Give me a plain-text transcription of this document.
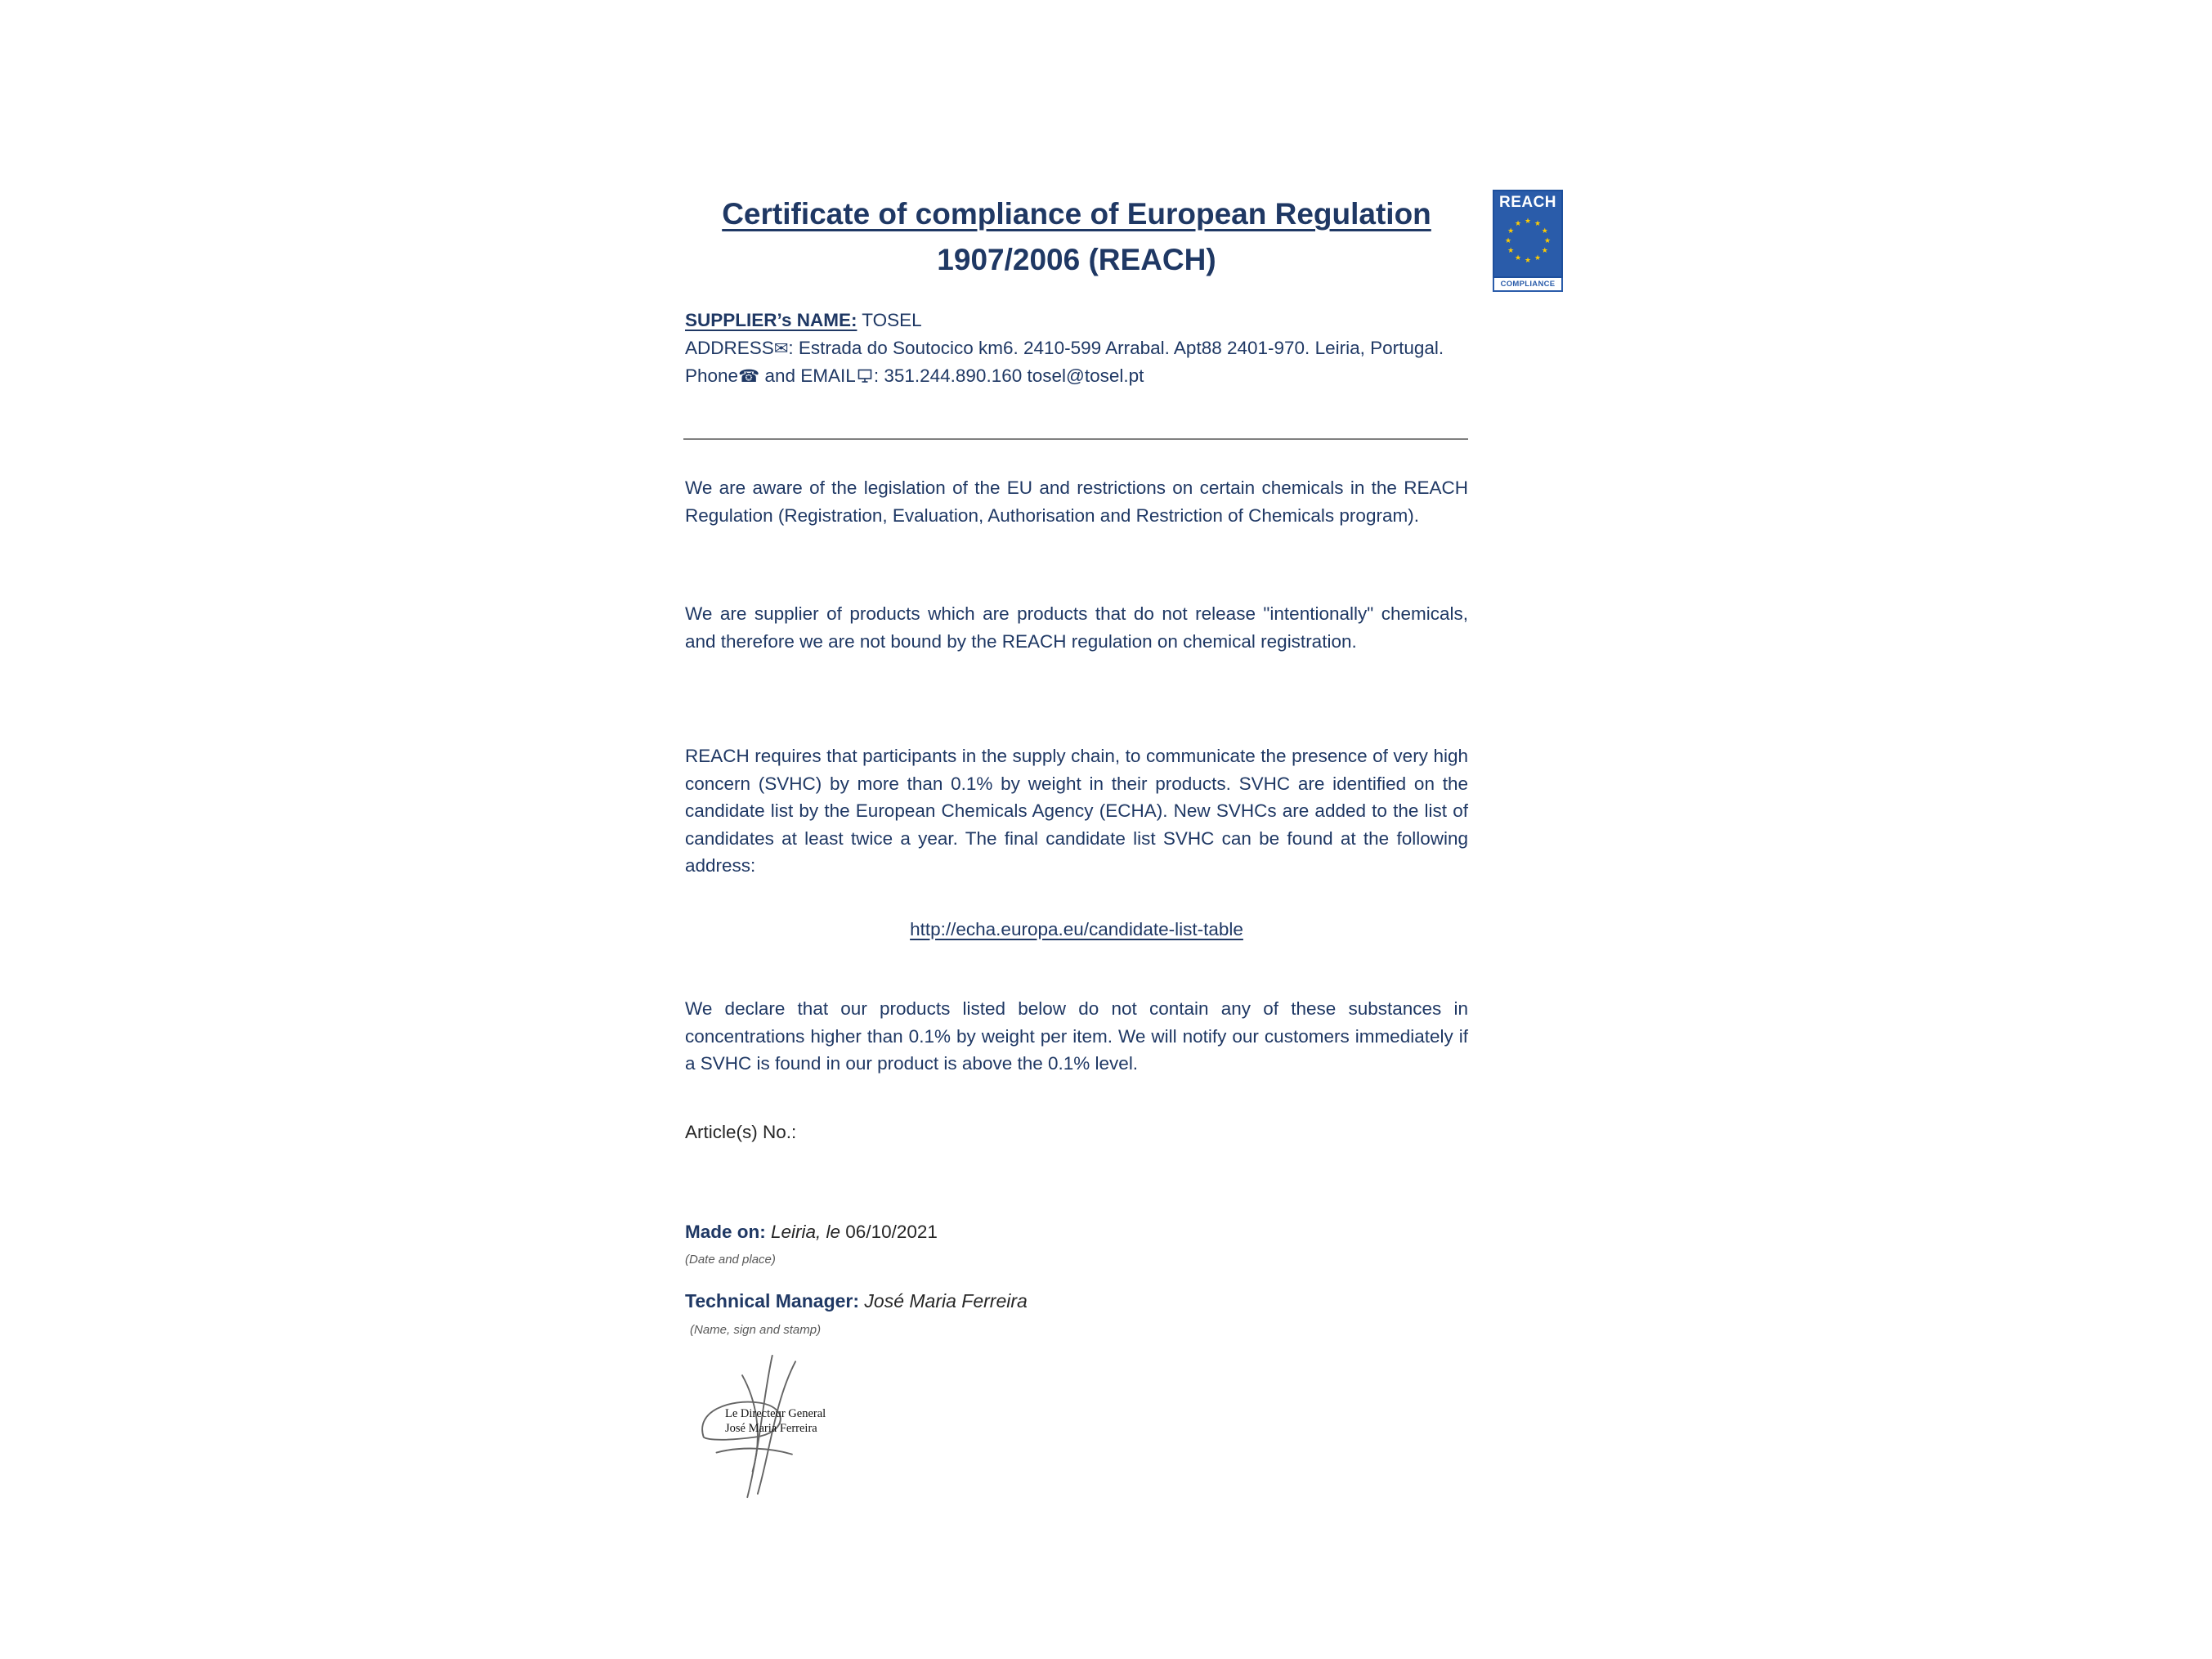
REACH
★ ★
★
★
★
★
★
★
★
★
★
★
COMPLIANCE
Certificate of compliance of European Regulation
1907/2006 (REACH)

SUPPLIER’s NAME: TOSEL

ADDRESS✉: Estrada do Soutocico km6. 2410-599 Arrabal. Apt88 2401-970. Leiria, Portugal.

Phone☎ and EMAIL : 351.244.890.160 tosel@tosel.pt

We are aware of the legislation of the EU and restrictions on certain chemicals in the REACH Regulation (Registration, Evaluation, Authorisation and Restriction of Chemicals program).

We are supplier of products which are products that do not release "intentionally" chemicals, and therefore we are not bound by the REACH regulation on chemical registration.

REACH requires that participants in the supply chain, to communicate the presence of very high concern (SVHC) by more than 0.1% by weight in their products. SVHC are identified on the candidate list by the European Chemicals Agency (ECHA). New SVHCs are added to the list of candidates at least twice a year. The final candidate list SVHC can be found at the following address:

http://echa.europa.eu/candidate-list-table

We declare that our products listed below do not contain any of these substances in concentrations higher than 0.1% by weight per item. We will notify our customers immediately if a SVHC is found in our product is above the 0.1% level.

Article(s) No.:

Made on: Leiria, le 06/10/2021

(Date and place)

Technical Manager: José Maria Ferreira

(Name, sign and stamp)

Le Directeur General
José Maria Ferreira
